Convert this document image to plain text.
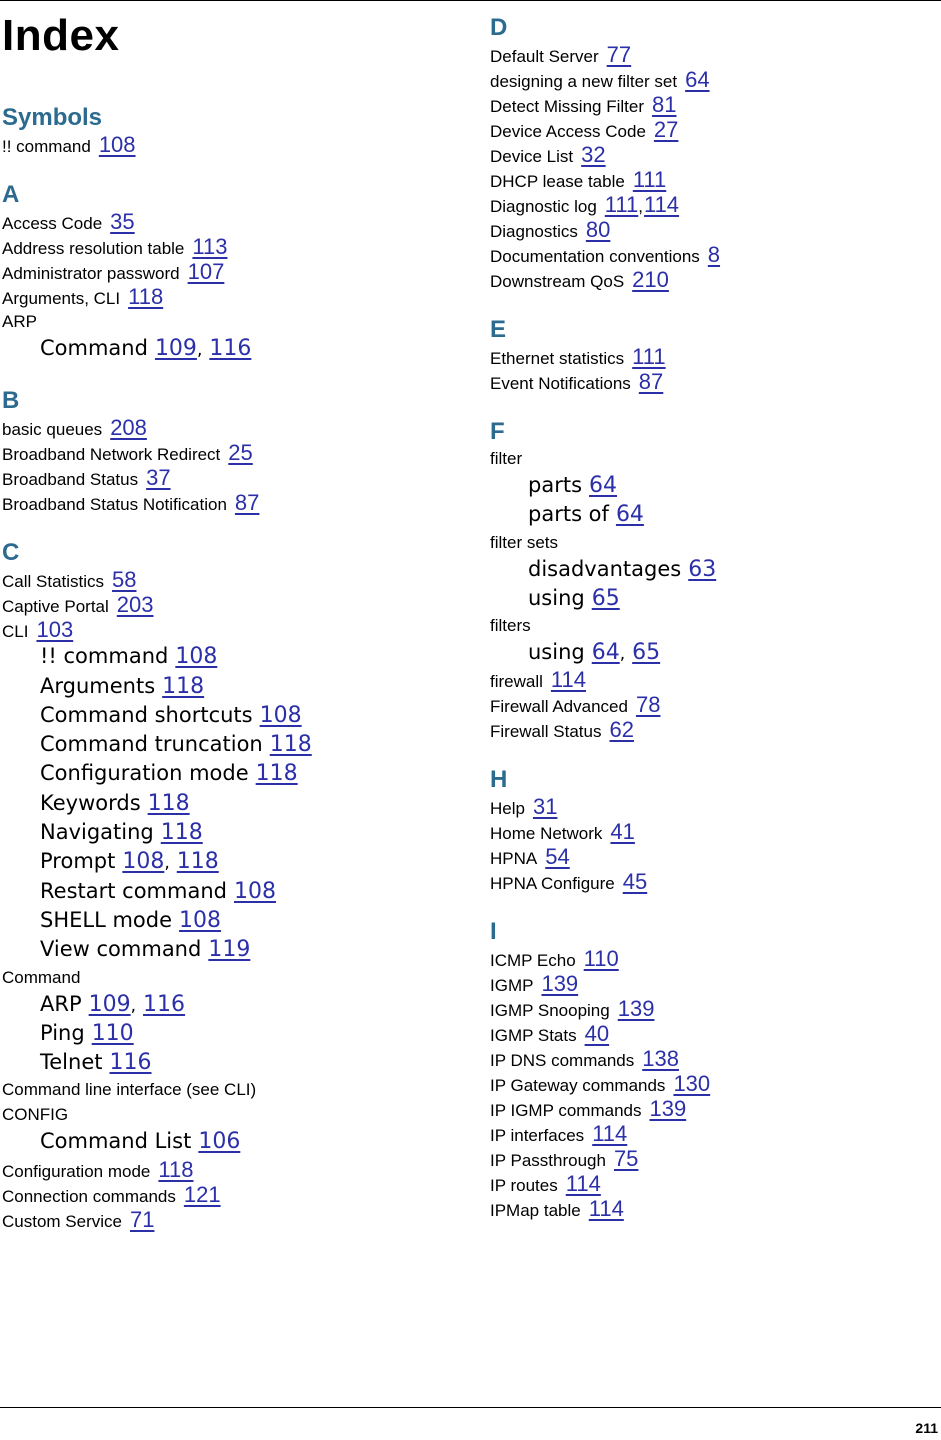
Index
Symbols
!! command 108
A
Access Code 35
Address resolution table 113
Administrator password 107
Arguments, CLI 118
ARP
Command 109, 116
B
basic queues 208
Broadband Network Redirect 25
Broadband Status 37
Broadband Status Notification 87
C
Call Statistics 58
Captive Portal 203
CLI 103
!! command 108
Arguments 118
Command shortcuts 108
Command truncation 118
Configuration mode 118
Keywords 118
Navigating 118
Prompt 108, 118
Restart command 108
SHELL mode 108
View command 119
Command
ARP 109, 116
Ping 110
Telnet 116
Command line interface (see CLI)
CONFIG
Command List 106
Configuration mode 118
Connection commands 121
Custom Service 71
D
Default Server 77
designing a new filter set 64
Detect Missing Filter 81
Device Access Code 27
Device List 32
DHCP lease table 111
Diagnostic log 111,114
Diagnostics 80
Documentation conventions 8
Downstream QoS 210
E
Ethernet statistics 111
Event Notifications 87
F
filter
parts 64
parts of 64
filter sets
disadvantages 63
using 65
filters
using 64, 65
firewall 114
Firewall Advanced 78
Firewall Status 62
H
Help 31
Home Network 41
HPNA 54
HPNA Configure 45
I
ICMP Echo 110
IGMP 139
IGMP Snooping 139
IGMP Stats 40
IP DNS commands 138
IP Gateway commands 130
IP IGMP commands 139
IP interfaces 114
IP Passthrough 75
IP routes 114
IPMap table 114
211
